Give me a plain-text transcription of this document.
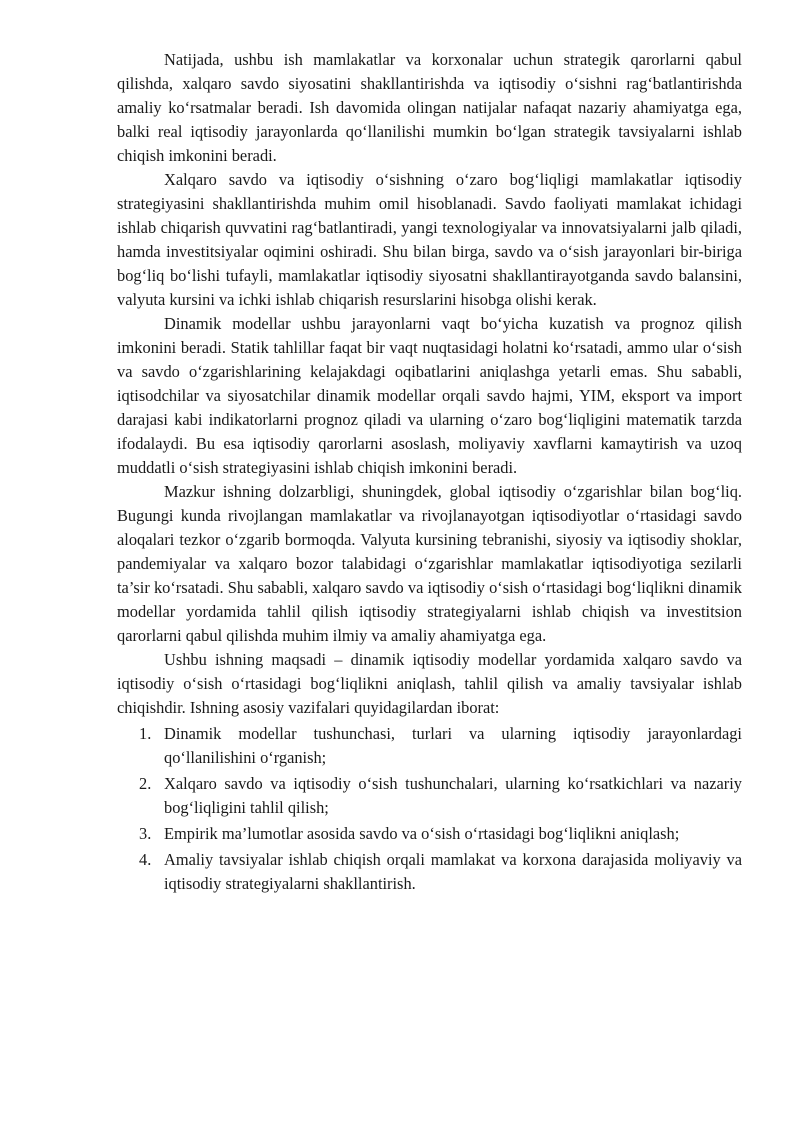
Natijada, ushbu ish mamlakatlar va korxonalar uchun strategik qarorlarni qabul qilishda, xalqaro savdo siyosatini shakllantirishda va iqtisodiy o‘sishni rag‘batlantirishda amaliy ko‘rsatmalar beradi. Ish davomida olingan natijalar nafaqat nazariy ahamiyatga ega, balki real iqtisodiy jarayonlarda qo‘llanilishi mumkin bo‘lgan strategik tavsiyalarni ishlab chiqish imkonini beradi.

Xalqaro savdo va iqtisodiy o‘sishning o‘zaro bog‘liqligi mamlakatlar iqtisodiy strategiyasini shakllantirishda muhim omil hisoblanadi. Savdo faoliyati mamlakat ichidagi ishlab chiqarish quvvatini rag‘batlantiradi, yangi texnologiyalar va innovatsiyalarni jalb qiladi, hamda investitsiyalar oqimini oshiradi. Shu bilan birga, savdo va o‘sish jarayonlari bir-biriga bog‘liq bo‘lishi tufayli, mamlakatlar iqtisodiy siyosatni shakllantirayotganda savdo balansini, valyuta kursini va ichki ishlab chiqarish resurslarini hisobga olishi kerak.

Dinamik modellar ushbu jarayonlarni vaqt bo‘yicha kuzatish va prognoz qilish imkonini beradi. Statik tahlillar faqat bir vaqt nuqtasidagi holatni ko‘rsatadi, ammo ular o‘sish va savdo o‘zgarishlarining kelajakdagi oqibatlarini aniqlashga yetarli emas. Shu sababli, iqtisodchilar va siyosatchilar dinamik modellar orqali savdo hajmi, YIM, eksport va import darajasi kabi indikatorlarni prognoz qiladi va ularning o‘zaro bog‘liqligini matematik tarzda ifodalaydi. Bu esa iqtisodiy qarorlarni asoslash, moliyaviy xavflarni kamaytirish va uzoq muddatli o‘sish strategiyasini ishlab chiqish imkonini beradi.

Mazkur ishning dolzarbligi, shuningdek, global iqtisodiy o‘zgarishlar bilan bog‘liq. Bugungi kunda rivojlangan mamlakatlar va rivojlanayotgan iqtisodiyotlar o‘rtasidagi savdo aloqalari tezkor o‘zgarib bormoqda. Valyuta kursining tebranishi, siyosiy va iqtisodiy shoklar, pandemiyalar va xalqaro bozor talabidagi o‘zgarishlar mamlakatlar iqtisodiyotiga sezilarli ta’sir ko‘rsatadi. Shu sababli, xalqaro savdo va iqtisodiy o‘sish o‘rtasidagi bog‘liqlikni dinamik modellar yordamida tahlil qilish iqtisodiy strategiyalarni ishlab chiqish va investitsion qarorlarni qabul qilishda muhim ilmiy va amaliy ahamiyatga ega.

Ushbu ishning maqsadi – dinamik iqtisodiy modellar yordamida xalqaro savdo va iqtisodiy o‘sish o‘rtasidagi bog‘liqlikni aniqlash, tahlil qilish va amaliy tavsiyalar ishlab chiqishdir. Ishning asosiy vazifalari quyidagilardan iborat:

1. Dinamik modellar tushunchasi, turlari va ularning iqtisodiy jarayonlardagi qo‘llanilishini o‘rganish;
2. Xalqaro savdo va iqtisodiy o‘sish tushunchalari, ularning ko‘rsatkichlari va nazariy bog‘liqligini tahlil qilish;
3. Empirik ma’lumotlar asosida savdo va o‘sish o‘rtasidagi bog‘liqlikni aniqlash;
4. Amaliy tavsiyalar ishlab chiqish orqali mamlakat va korxona darajasida moliyaviy va iqtisodiy strategiyalarni shakllantirish.
